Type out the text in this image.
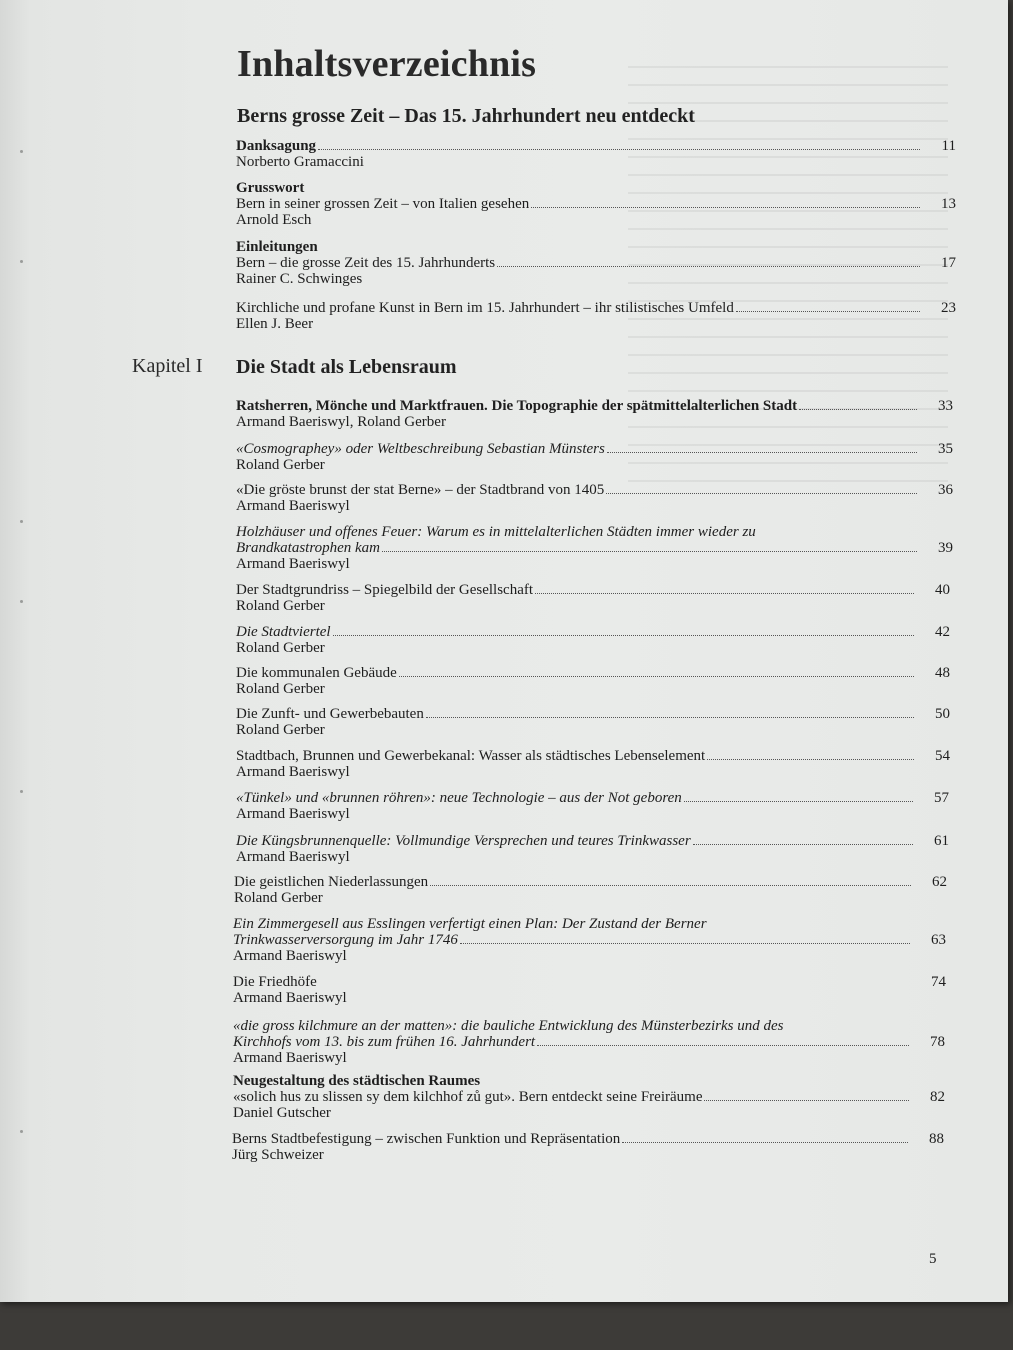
Inhaltsverzeichnis
Berns grosse Zeit – Das 15. Jahrhundert neu entdeckt
Danksagung	11
Norberto Gramaccini
Grusswort
Bern in seiner grossen Zeit – von Italien gesehen	13
Arnold Esch
Einleitungen
Bern – die grosse Zeit des 15. Jahrhunderts	17
Rainer C. Schwinges
Kirchliche und profane Kunst in Bern im 15. Jahrhundert – ihr stilistisches Umfeld	23
Ellen J. Beer
Kapitel I Die Stadt als Lebensraum
Ratsherren, Mönche und Marktfrauen. Die Topographie der spätmittelalterlichen Stadt	33
Armand Baeriswyl, Roland Gerber
«Cosmographey» oder Weltbeschreibung Sebastian Münsters	35
Roland Gerber
«Die gröste brunst der stat Berne» – der Stadtbrand von 1405	36
Armand Baeriswyl
Holzhäuser und offenes Feuer: Warum es in mittelalterlichen Städten immer wieder zu
Brandkatastrophen kam	39
Armand Baeriswyl
Der Stadtgrundriss – Spiegelbild der Gesellschaft	40
Roland Gerber
Die Stadtviertel	42
Roland Gerber
Die kommunalen Gebäude	48
Roland Gerber
Die Zunft- und Gewerbebauten	50
Roland Gerber
Stadtbach, Brunnen und Gewerbekanal: Wasser als städtisches Lebenselement	54
Armand Baeriswyl
«Tünkel» und «brunnen röhren»: neue Technologie – aus der Not geboren	57
Armand Baeriswyl
Die Küngsbrunnenquelle: Vollmundige Versprechen und teures Trinkwasser	61
Armand Baeriswyl
Die geistlichen Niederlassungen	62
Roland Gerber
Ein Zimmergesell aus Esslingen verfertigt einen Plan: Der Zustand der Berner
Trinkwasserversorgung im Jahr 1746	63
Armand Baeriswyl
Die Friedhöfe	74
Armand Baeriswyl
«die gross kilchmure an der matten»: die bauliche Entwicklung des Münsterbezirks und des
Kirchhofs vom 13. bis zum frühen 16. Jahrhundert	78
Armand Baeriswyl
Neugestaltung des städtischen Raumes
«solich hus zu slissen sy dem kilchhof zů gut». Bern entdeckt seine Freiräume	82
Daniel Gutscher
Berns Stadtbefestigung – zwischen Funktion und Repräsentation	88
Jürg Schweizer
5
